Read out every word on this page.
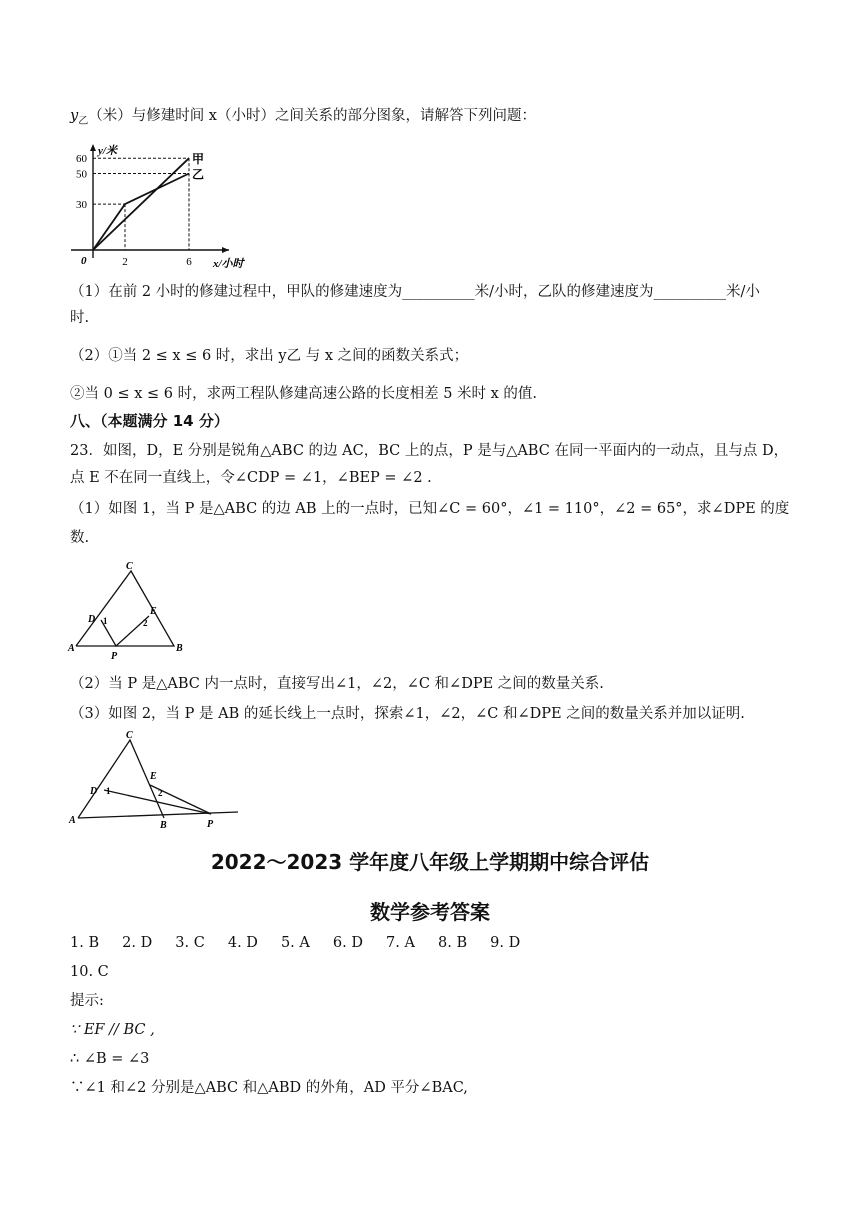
$y_乙$（米）与修建时间 x（小时）之间关系的部分图象，请解答下列问题：
y/米
x/小时
0
30
50
60
2	6
甲
乙
（1）在前 2 小时的修建过程中，甲队的修建速度为__________米/小时，乙队的修建速度为__________米/小
时.
（2）①当 2 ≤ x ≤ 6 时，求出 y乙 与 x 之间的函数关系式；
②当 0 ≤ x ≤ 6 时，求两工程队修建高速公路的长度相差 5 米时 x 的值.
八、（本题满分 14 分）
23．如图，D，E 分别是锐角△ABC 的边 AC，BC 上的点，P 是与△ABC 在同一平面内的一动点，且与点 D，
点 E 不在同一直线上，令∠CDP = ∠1，∠BEP = ∠2 .
（1）如图 1，当 P 是△ABC 的边 AB 上的一点时，已知∠C = 60°，∠1 = 110°，∠2 = 65°，求∠DPE 的度
数.
A	B
C
D
E
P
1	2
（2）当 P 是△ABC 内一点时，直接写出∠1，∠2，∠C 和∠DPE 之间的数量关系.
（3）如图 2，当 P 是 AB 的延长线上一点时，探索∠1，∠2，∠C 和∠DPE 之间的数量关系并加以证明.
A	B
C
D
E
P
1	2
2022～2023 学年度八年级上学期期中综合评估
数学参考答案
1. B     2. D     3. C     4. D     5. A     6. D     7. A     8. B     9. D
10. C
提示:
∵ EF // BC ,
∴ ∠B = ∠3
∵∠1 和∠2 分别是△ABC 和△ABD 的外角，AD 平分∠BAC,
